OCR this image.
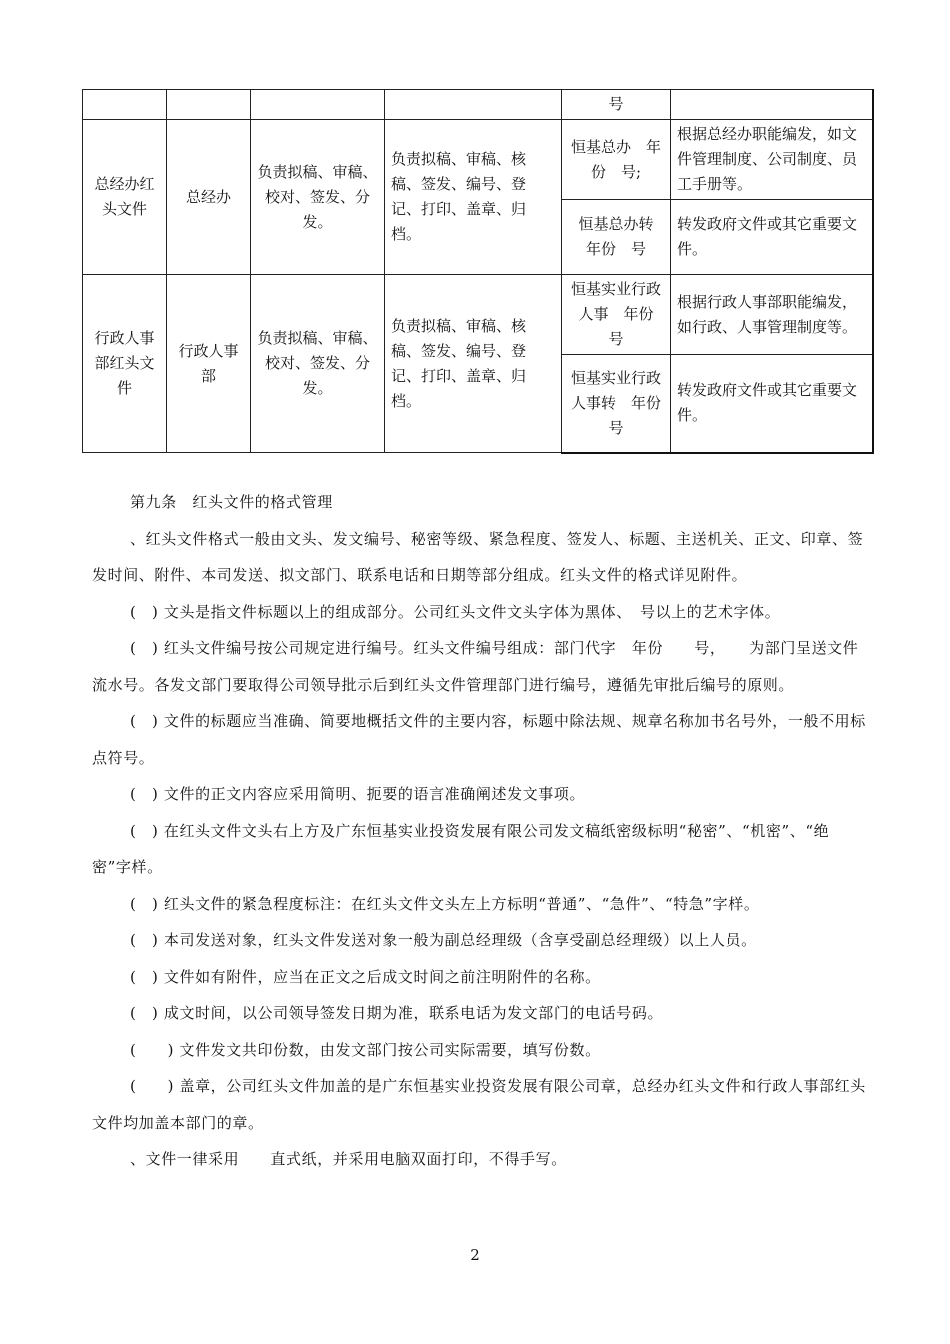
				号	
总经办红头文件	总经办	负责拟稿、审稿、校对、签发、分发。	负责拟稿、审稿、核稿、签发、编号、登记、打印、盖章、归档。	恒基总办　年份　号;	根据总经办职能编发，如文件管理制度、公司制度、员工手册等。
				恒基总办转　年份　号	转发政府文件或其它重要文件。
行政人事部红头文件	行政人事部	负责拟稿、审稿、校对、签发、分发。	负责拟稿、审稿、核稿、签发、编号、登记、打印、盖章、归档。	恒基实业行政人事　年份　　号	根据行政人事部职能编发，如行政、人事管理制度等。
				恒基实业行政人事转　年份　　号	转发政府文件或其它重要文件。

第九条　红头文件的格式管理

、红头文件格式一般由文头、发文编号、秘密等级、紧急程度、签发人、标题、主送机关、正文、印章、签发时间、附件、本司发送、拟文部门、联系电话和日期等部分组成。红头文件的格式详见附件。

(　) 文头是指文件标题以上的组成部分。公司红头文件文头字体为黑体、　号以上的艺术字体。

(　) 红头文件编号按公司规定进行编号。红头文件编号组成：部门代字　年份　　号，　　为部门呈送文件流水号。各发文部门要取得公司领导批示后到红头文件管理部门进行编号，遵循先审批后编号的原则。

(　) 文件的标题应当准确、简要地概括文件的主要内容，标题中除法规、规章名称加书名号外，一般不用标点符号。

(　) 文件的正文内容应采用简明、扼要的语言准确阐述发文事项。

(　) 在红头文件文头右上方及广东恒基实业投资发展有限公司发文稿纸密级标明“秘密”、“机密”、“绝密”字样。

(　) 红头文件的紧急程度标注：在红头文件文头左上方标明“普通”、“急件”、“特急”字样。

(　) 本司发送对象，红头文件发送对象一般为副总经理级（含享受副总经理级）以上人员。

(　) 文件如有附件，应当在正文之后成文时间之前注明附件的名称。

(　) 成文时间，以公司领导签发日期为准，联系电话为发文部门的电话号码。

(　　) 文件发文共印份数，由发文部门按公司实际需要，填写份数。

(　　) 盖章，公司红头文件加盖的是广东恒基实业投资发展有限公司章，总经办红头文件和行政人事部红头文件均加盖本部门的章。

、文件一律采用　　直式纸，并采用电脑双面打印，不得手写。

2
